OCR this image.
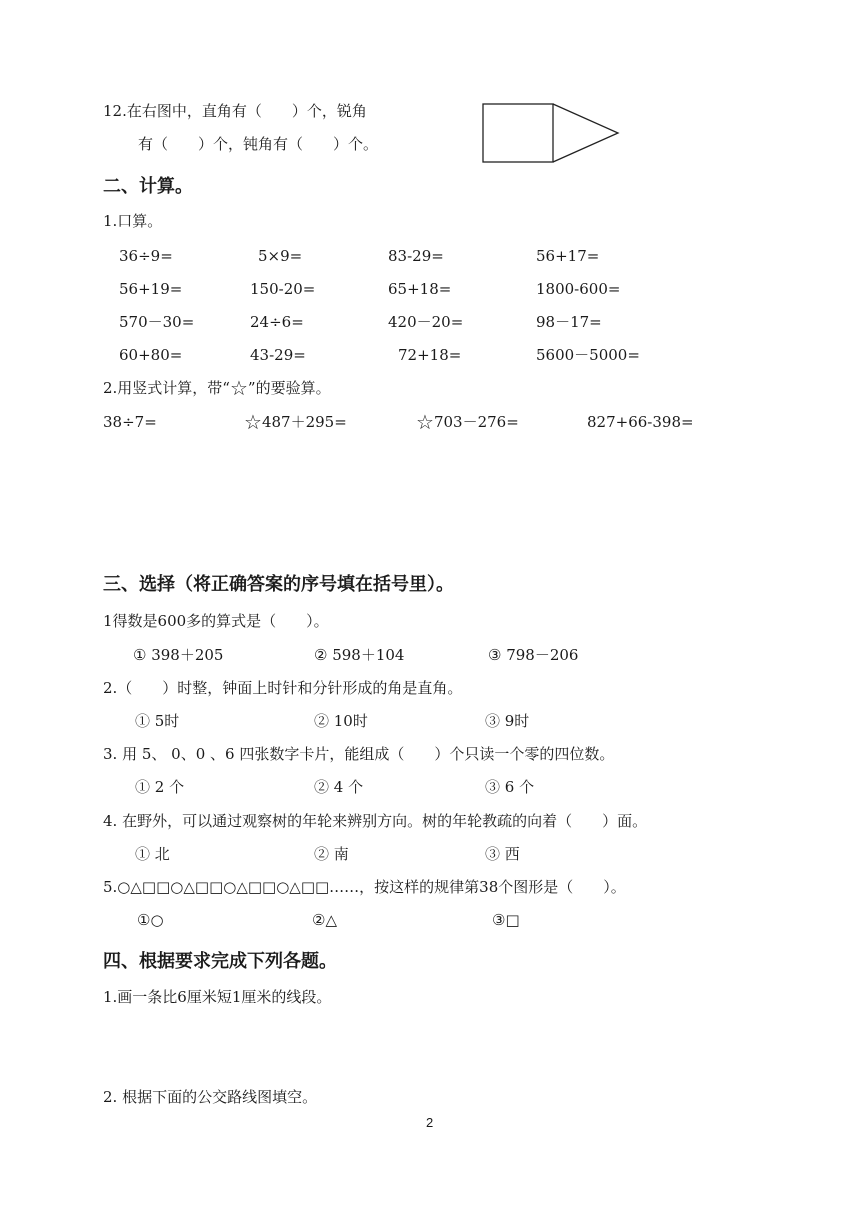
12.在右图中，直角有（　　）个，锐角
有（　　）个，钝角有（　　）个。
二、计算。
1.口算。
36÷9=	5×9=	83-29=	56+17=
56+19=	150-20=	65+18=	1800-600=
570－30=	24÷6=	420－20=	98－17=
60+80=	43-29=	72+18=	5600－5000=
2.用竖式计算，带“☆”的要验算。
38÷7=	☆487＋295=	☆703－276=	827+66-398=
三、选择（将正确答案的序号填在括号里）。
1得数是600多的算式是（　　）。
① 398＋205	② 598＋104	③ 798－206
2.（　　）时整，钟面上时针和分针形成的角是直角。
① 5时	② 10时	③ 9时
3. 用 5、 0、0 、6 四张数字卡片，能组成（　　）个只读一个零的四位数。
① 2 个	② 4 个	③ 6 个
4. 在野外，可以通过观察树的年轮来辨别方向。树的年轮教疏的向着（　　）面。
① 北	② 南	③ 西
5.○△□□○△□□○△□□○△□□……，按这样的规律第38个图形是（　　）。
①○	②△	③□
四、根据要求完成下列各题。
1.画一条比6厘米短1厘米的线段。
2. 根据下面的公交路线图填空。
2
